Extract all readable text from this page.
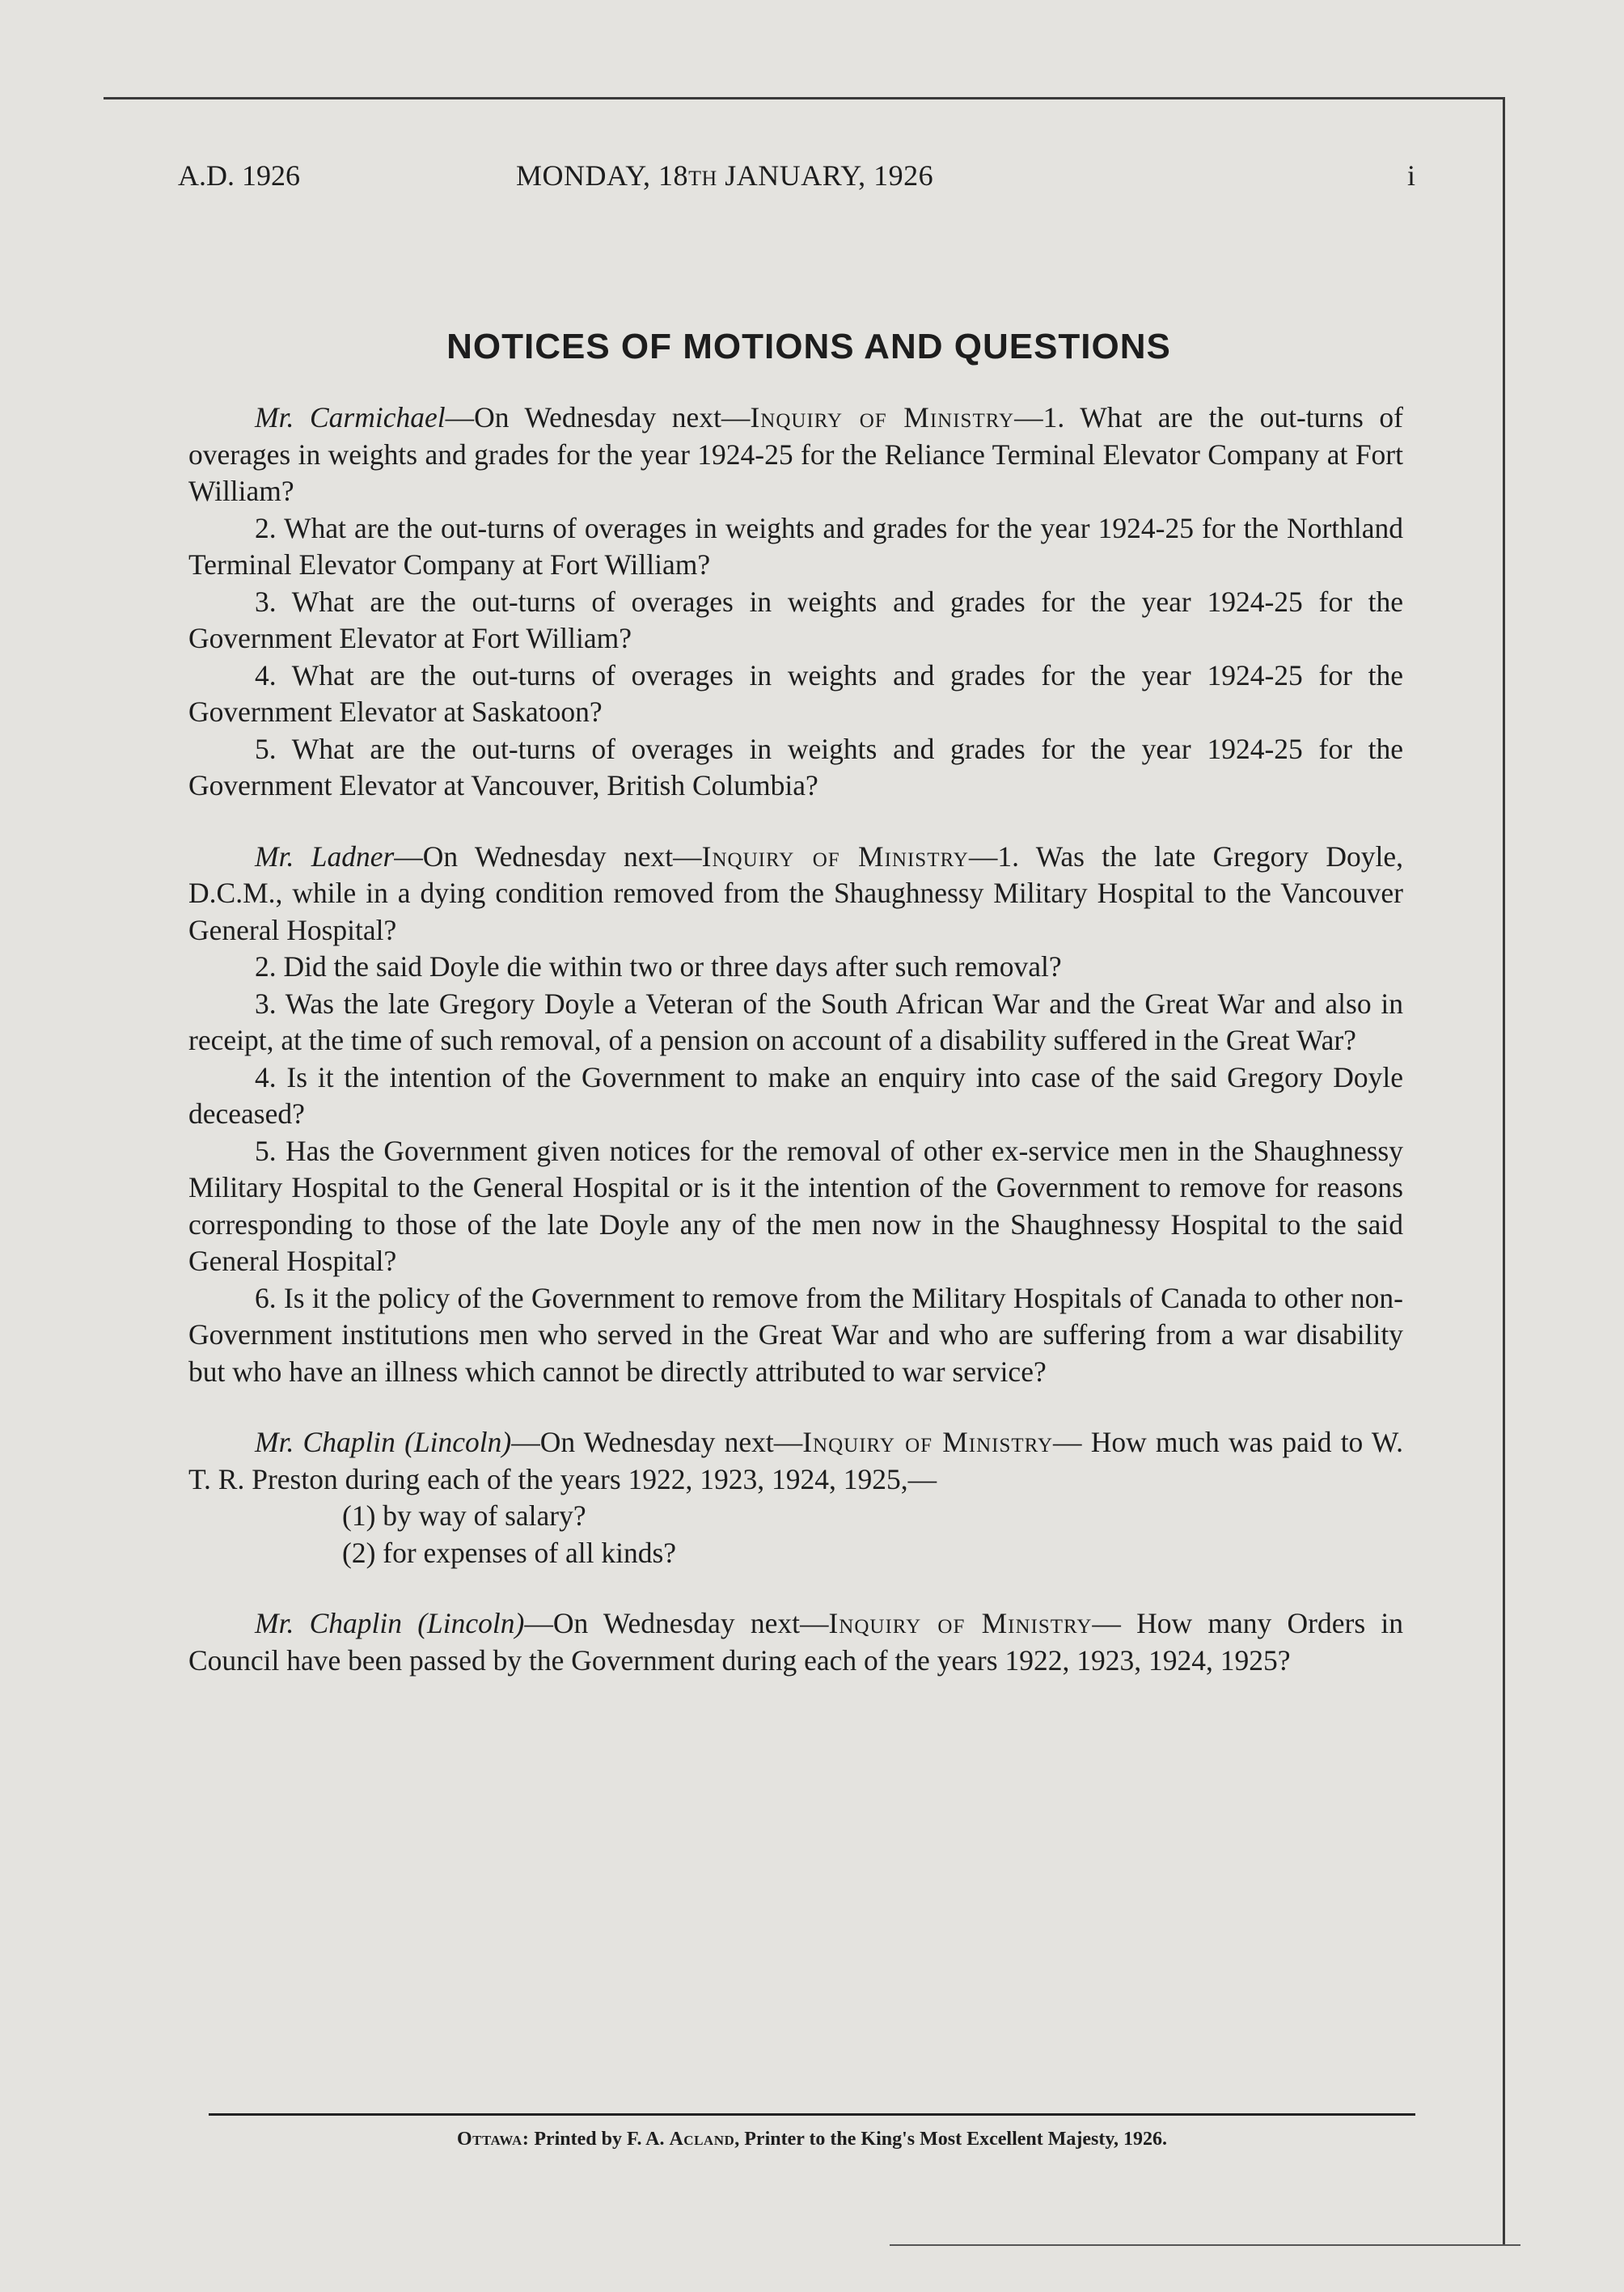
A.D. 1926	MONDAY, 18TH JANUARY, 1926	i
NOTICES OF MOTIONS AND QUESTIONS

Mr. Carmichael—On Wednesday next—Inquiry of Ministry—1. What are the out-turns of overages in weights and grades for the year 1924-25 for the Reliance Terminal Elevator Company at Fort William?

2. What are the out-turns of overages in weights and grades for the year 1924-25 for the Northland Terminal Elevator Company at Fort William?

3. What are the out-turns of overages in weights and grades for the year 1924-25 for the Government Elevator at Fort William?

4. What are the out-turns of overages in weights and grades for the year 1924-25 for the Government Elevator at Saskatoon?

5. What are the out-turns of overages in weights and grades for the year 1924-25 for the Government Elevator at Vancouver, British Columbia?

Mr. Ladner—On Wednesday next—Inquiry of Ministry—1. Was the late Gregory Doyle, D.C.M., while in a dying condition removed from the Shaughnessy Military Hospital to the Vancouver General Hospital?

2. Did the said Doyle die within two or three days after such removal?

3. Was the late Gregory Doyle a Veteran of the South African War and the Great War and also in receipt, at the time of such removal, of a pension on account of a disability suffered in the Great War?

4. Is it the intention of the Government to make an enquiry into case of the said Gregory Doyle deceased?

5. Has the Government given notices for the removal of other ex-service men in the Shaughnessy Military Hospital to the General Hospital or is it the intention of the Government to remove for reasons corresponding to those of the late Doyle any of the men now in the Shaughnessy Hospital to the said General Hospital?

6. Is it the policy of the Government to remove from the Military Hospitals of Canada to other non-Government institutions men who served in the Great War and who are suffering from a war disability but who have an illness which cannot be directly attributed to war service?

Mr. Chaplin (Lincoln)—On Wednesday next—Inquiry of Ministry— How much was paid to W. T. R. Preston during each of the years 1922, 1923, 1924, 1925,—

(1) by way of salary?

(2) for expenses of all kinds?

Mr. Chaplin (Lincoln)—On Wednesday next—Inquiry of Ministry— How many Orders in Council have been passed by the Government during each of the years 1922, 1923, 1924, 1925?

Ottawa: Printed by F. A. Acland, Printer to the King's Most Excellent Majesty, 1926.
